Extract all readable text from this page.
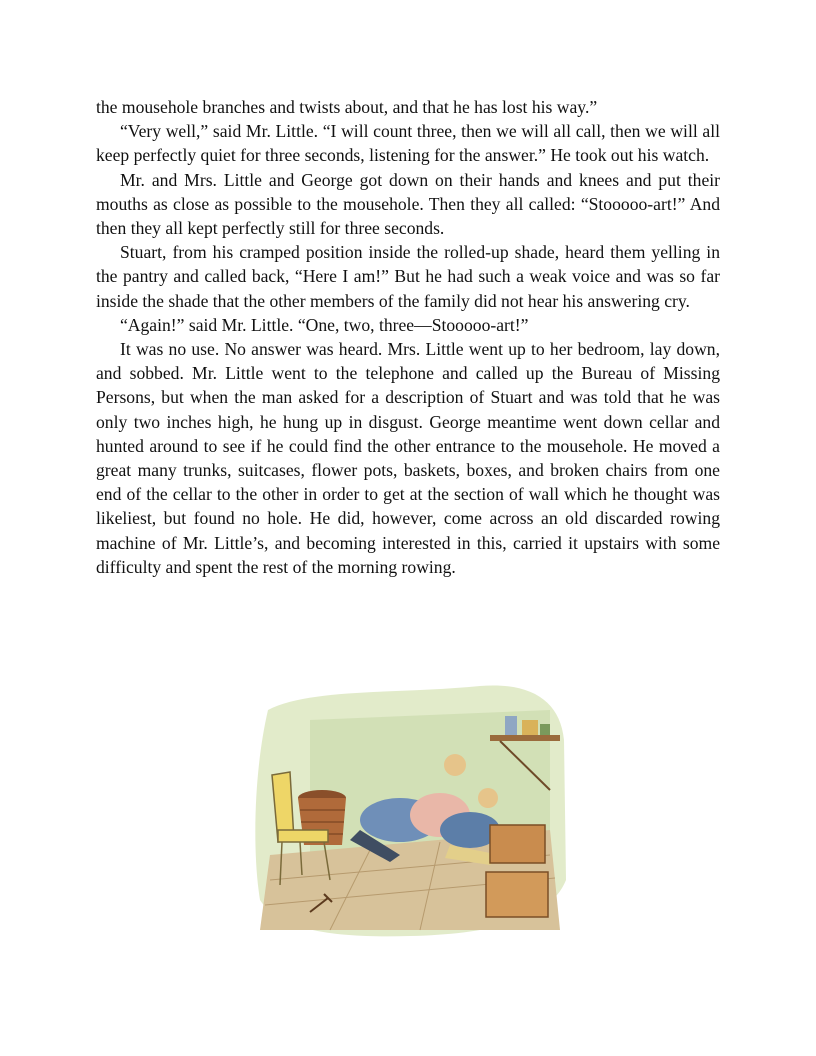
the mousehole branches and twists about, and that he has lost his way.”

“Very well,” said Mr. Little. “I will count three, then we will all call, then we will all keep perfectly quiet for three seconds, listening for the answer.” He took out his watch.

Mr. and Mrs. Little and George got down on their hands and knees and put their mouths as close as possible to the mousehole. Then they all called: “Stooooo-art!” And then they all kept perfectly still for three seconds.

Stuart, from his cramped position inside the rolled-up shade, heard them yelling in the pantry and called back, “Here I am!” But he had such a weak voice and was so far inside the shade that the other members of the family did not hear his answering cry.

“Again!” said Mr. Little. “One, two, three—Stooooo-art!”

It was no use. No answer was heard. Mrs. Little went up to her bedroom, lay down, and sobbed. Mr. Little went to the telephone and called up the Bureau of Missing Persons, but when the man asked for a description of Stuart and was told that he was only two inches high, he hung up in disgust. George meantime went down cellar and hunted around to see if he could find the other entrance to the mousehole. He moved a great many trunks, suitcases, flower pots, baskets, boxes, and broken chairs from one end of the cellar to the other in order to get at the section of wall which he thought was likeliest, but found no hole. He did, however, come across an old discarded rowing machine of Mr. Little’s, and becoming interested in this, carried it upstairs with some difficulty and spent the rest of the morning rowing.
